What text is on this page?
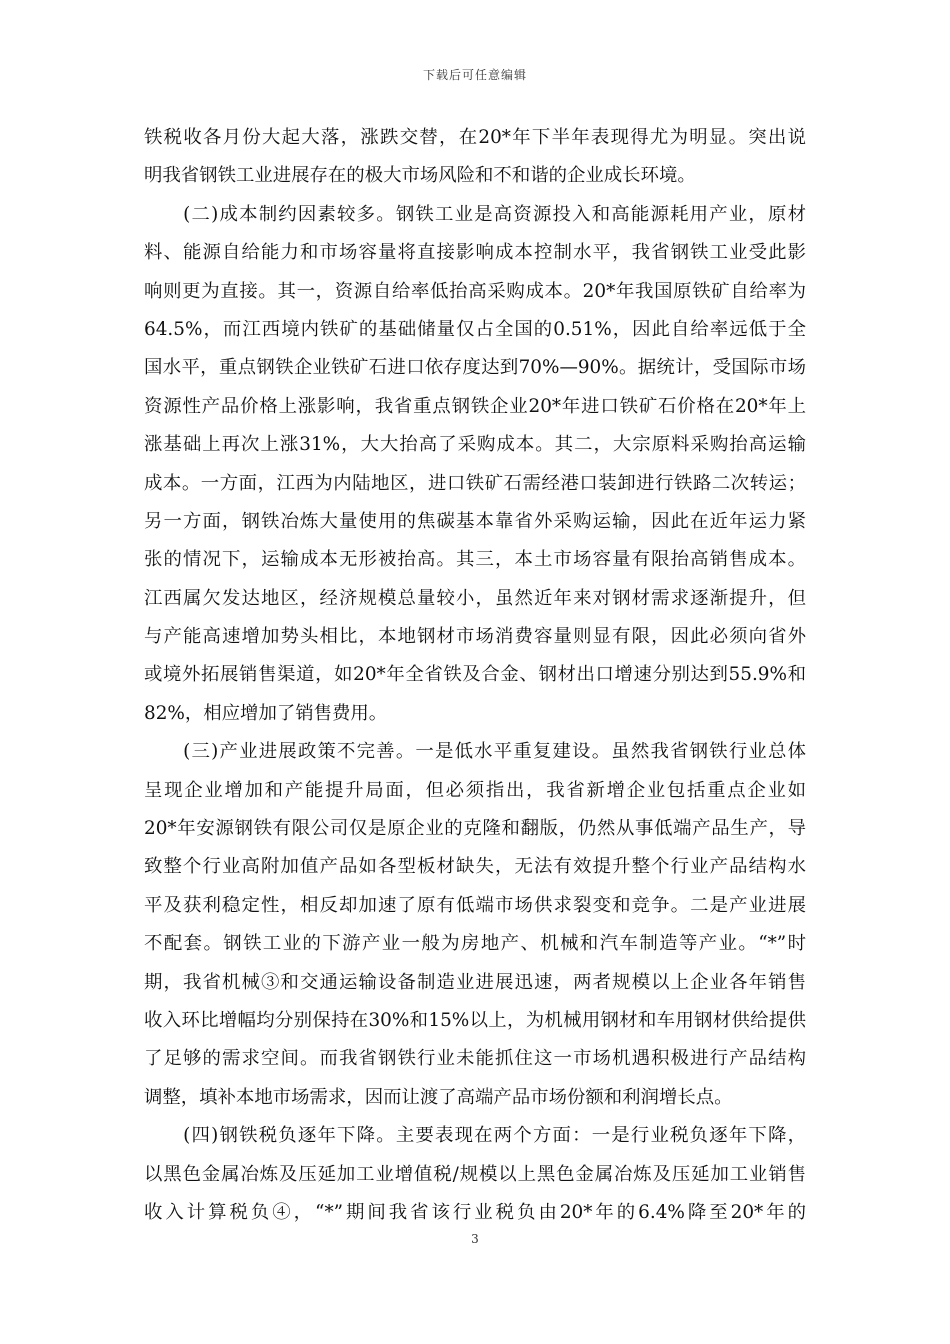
下载后可任意编辑
铁税收各月份大起大落，涨跌交替，在20*年下半年表现得尤为明显。突出说
明我省钢铁工业进展存在的极大市场风险和不和谐的企业成长环境。
　　(二)成本制约因素较多。钢铁工业是高资源投入和高能源耗用产业，原材
料、能源自给能力和市场容量将直接影响成本控制水平，我省钢铁工业受此影
响则更为直接。其一，资源自给率低抬高采购成本。20*年我国原铁矿自给率为
64.5%，而江西境内铁矿的基础储量仅占全国的0.51%，因此自给率远低于全
国水平，重点钢铁企业铁矿石进口依存度达到70%—90%。据统计，受国际市场
资源性产品价格上涨影响，我省重点钢铁企业20*年进口铁矿石价格在20*年上
涨基础上再次上涨31%，大大抬高了采购成本。其二，大宗原料采购抬高运输
成本。一方面，江西为内陆地区，进口铁矿石需经港口装卸进行铁路二次转运；
另一方面，钢铁冶炼大量使用的焦碳基本靠省外采购运输，因此在近年运力紧
张的情况下，运输成本无形被抬高。其三，本土市场容量有限抬高销售成本。
江西属欠发达地区，经济规模总量较小，虽然近年来对钢材需求逐渐提升，但
与产能高速增加势头相比，本地钢材市场消费容量则显有限，因此必须向省外
或境外拓展销售渠道，如20*年全省铁及合金、钢材出口增速分别达到55.9%和
82%，相应增加了销售费用。
　　(三)产业进展政策不完善。一是低水平重复建设。虽然我省钢铁行业总体
呈现企业增加和产能提升局面，但必须指出，我省新增企业包括重点企业如
20*年安源钢铁有限公司仅是原企业的克隆和翻版，仍然从事低端产品生产，导
致整个行业高附加值产品如各型板材缺失，无法有效提升整个行业产品结构水
平及获利稳定性，相反却加速了原有低端市场供求裂变和竞争。二是产业进展
不配套。钢铁工业的下游产业一般为房地产、机械和汽车制造等产业。“*”时
期，我省机械③和交通运输设备制造业进展迅速，两者规模以上企业各年销售
收入环比增幅均分别保持在30%和15%以上，为机械用钢材和车用钢材供给提供
了足够的需求空间。而我省钢铁行业未能抓住这一市场机遇积极进行产品结构
调整，填补本地市场需求，因而让渡了高端产品市场份额和利润增长点。
　　(四)钢铁税负逐年下降。主要表现在两个方面：一是行业税负逐年下降，
以黑色金属冶炼及压延加工业增值税/规模以上黑色金属冶炼及压延加工业销售
收入计算税负④，“*”期间我省该行业税负由20*年的6.4%降至20*年的
3
